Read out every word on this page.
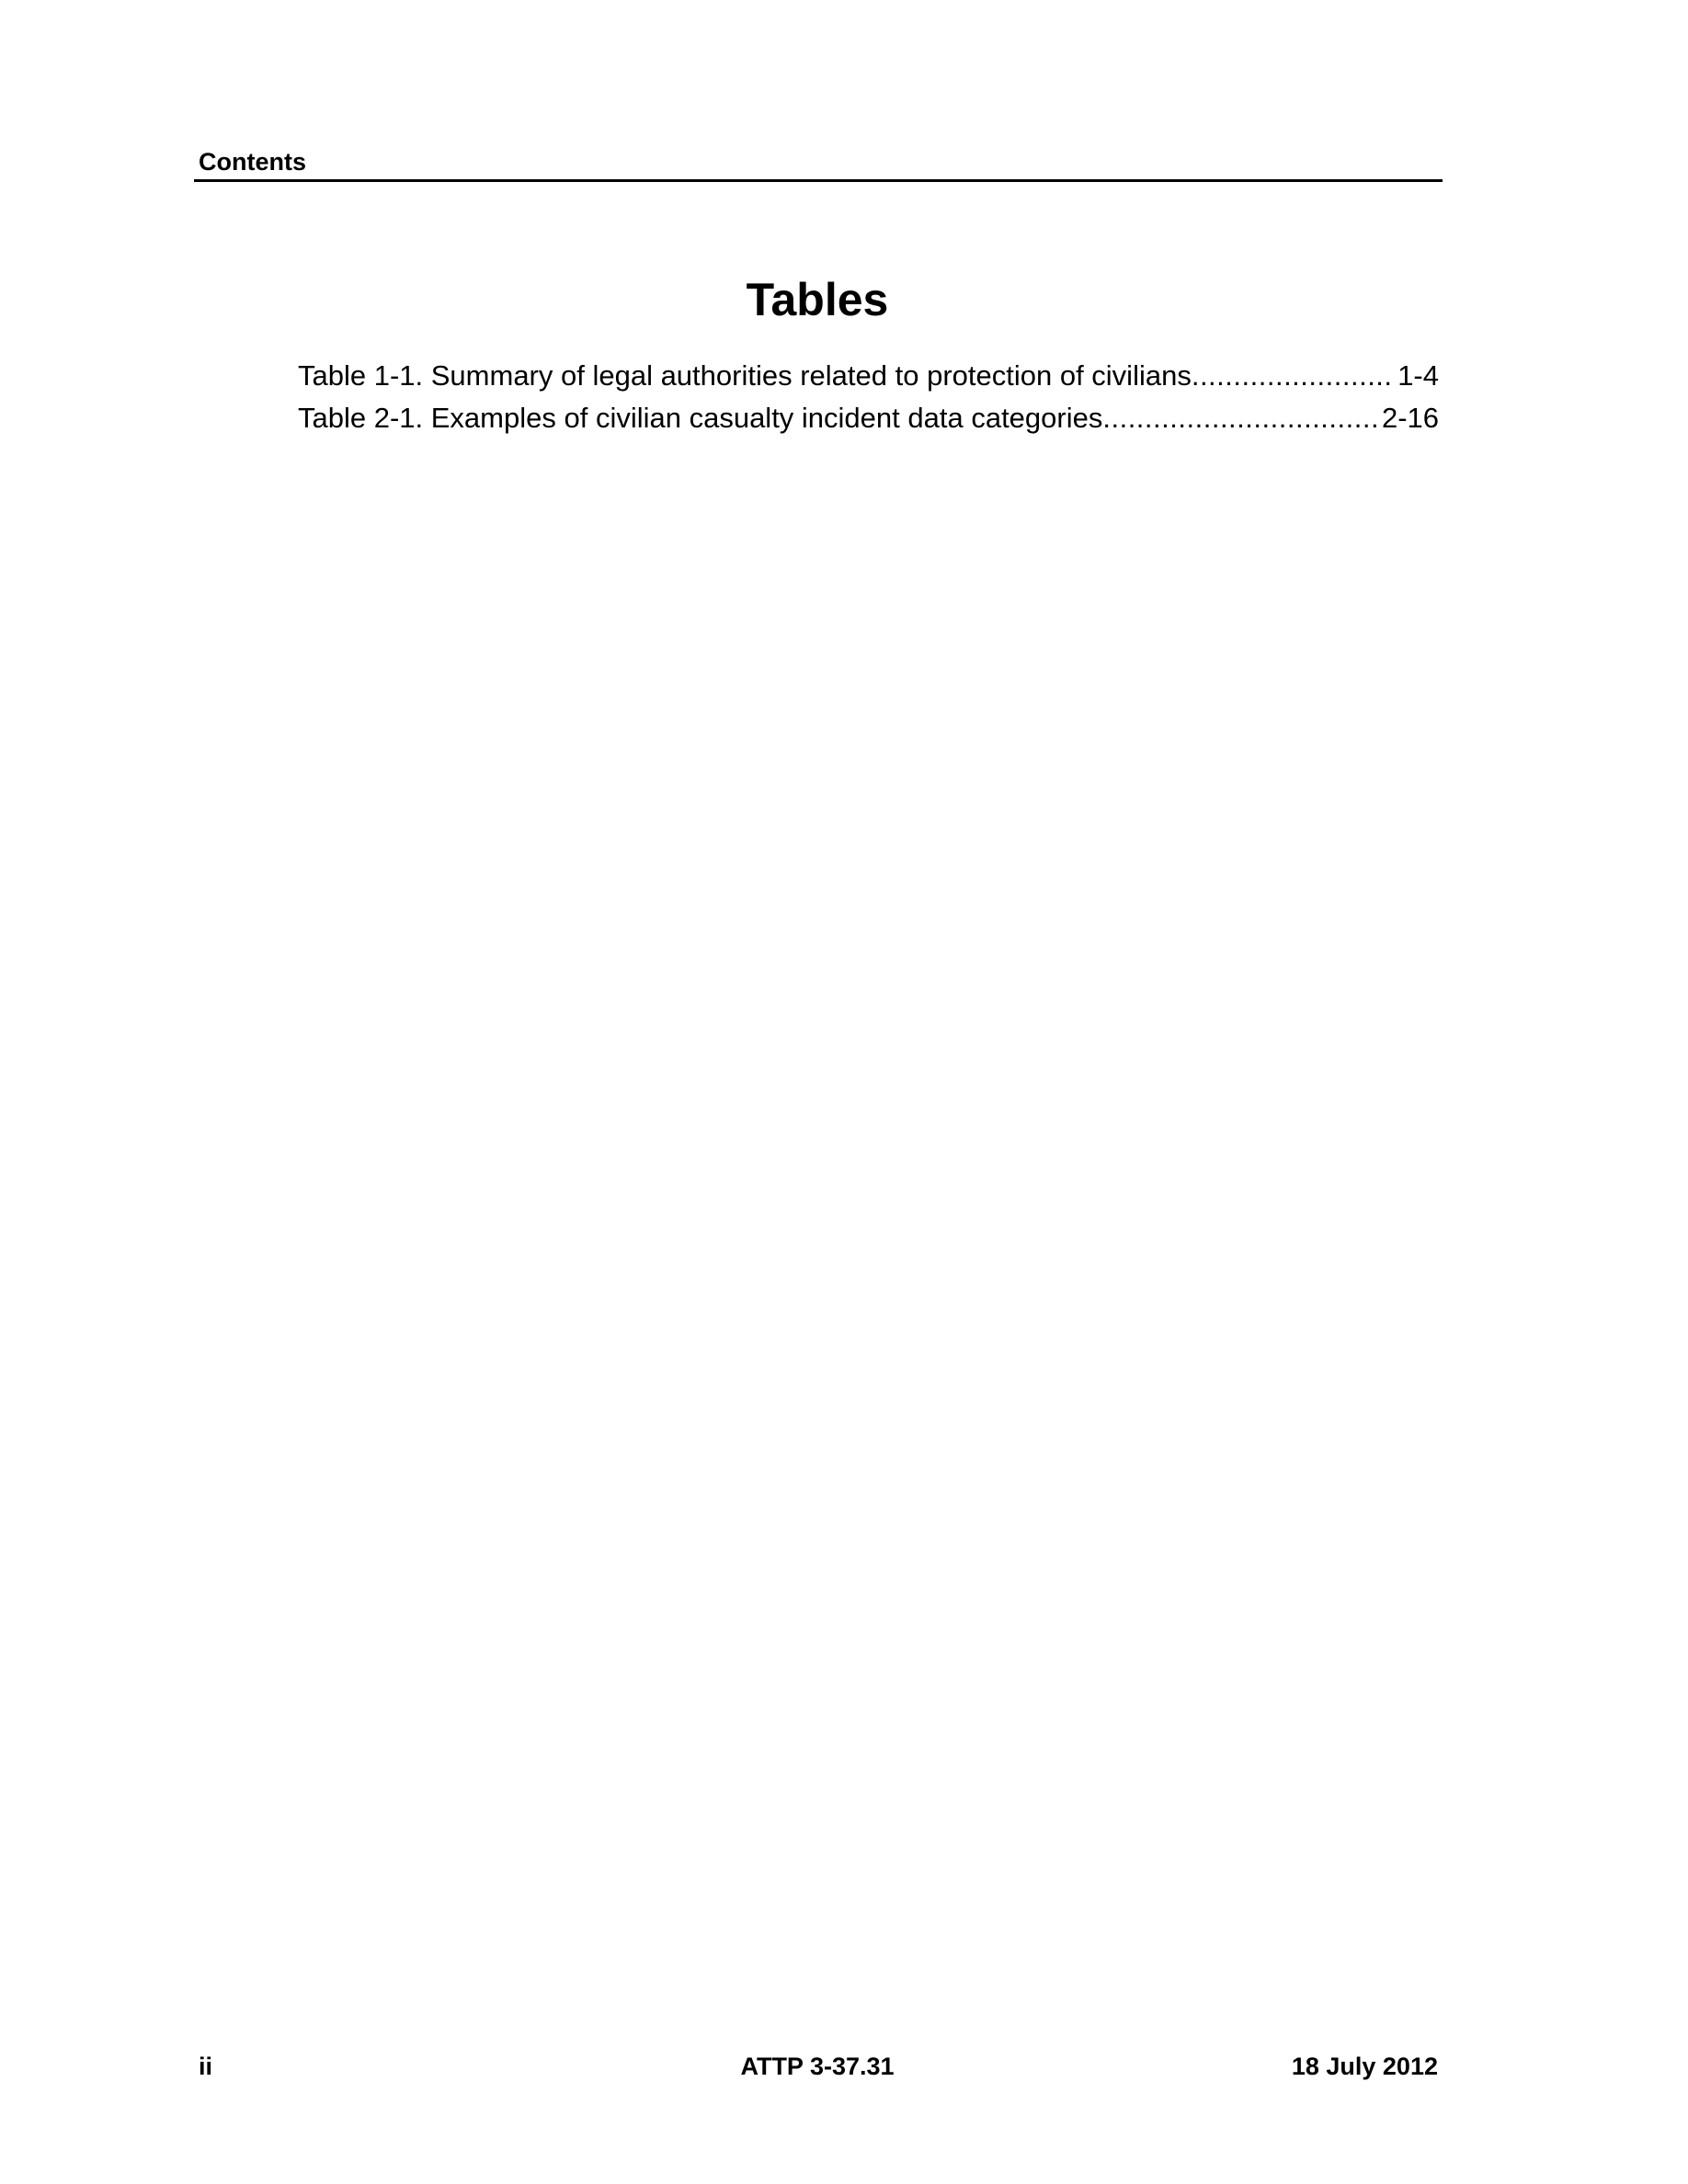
Contents
Tables
Table 1-1. Summary of legal authorities related to protection of civilians .....	1-4
Table 2-1. Examples of civilian casualty incident data categories .....	2-16
ii	ATTP 3-37.31	18 July 2012
